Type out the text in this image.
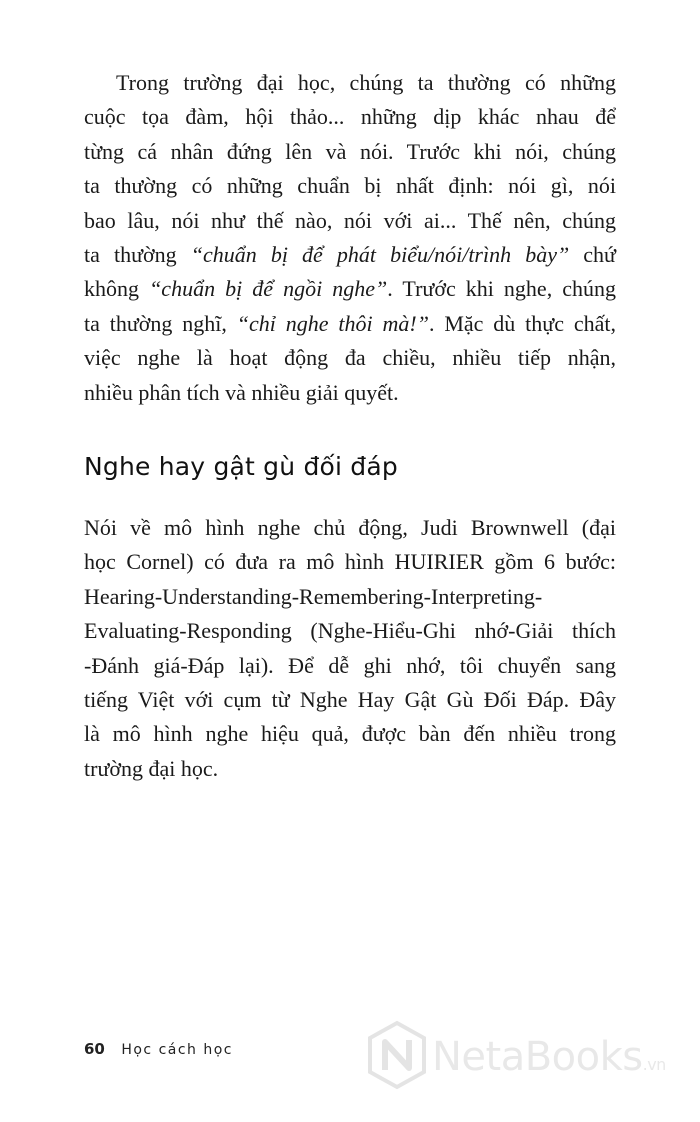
Trong trường đại học, chúng ta thường có những
cuộc tọa đàm, hội thảo... những dịp khác nhau để
từng cá nhân đứng lên và nói. Trước khi nói, chúng
ta thường có những chuẩn bị nhất định: nói gì, nói
bao lâu, nói như thế nào, nói với ai... Thế nên, chúng
ta thường “chuẩn bị để phát biểu/nói/trình bày” chứ
không “chuẩn bị để ngồi nghe”. Trước khi nghe, chúng
ta thường nghĩ, “chỉ nghe thôi mà!”. Mặc dù thực chất,
việc nghe là hoạt động đa chiều, nhiều tiếp nhận,
nhiều phân tích và nhiều giải quyết.
Nghe hay gật gù đối đáp
Nói về mô hình nghe chủ động, Judi Brownwell (đại
học Cornel) có đưa ra mô hình HUIRIER gồm 6 bước:
Hearing-Understanding-Remembering-Interpreting-
Evaluating-Responding (Nghe-Hiểu-Ghi nhớ-Giải thích
-Đánh giá-Đáp lại). Để dễ ghi nhớ, tôi chuyển sang
tiếng Việt với cụm từ Nghe Hay Gật Gù Đối Đáp. Đây
là mô hình nghe hiệu quả, được bàn đến nhiều trong
trường đại học.
60 Học cách học	NetaBooks.vn
